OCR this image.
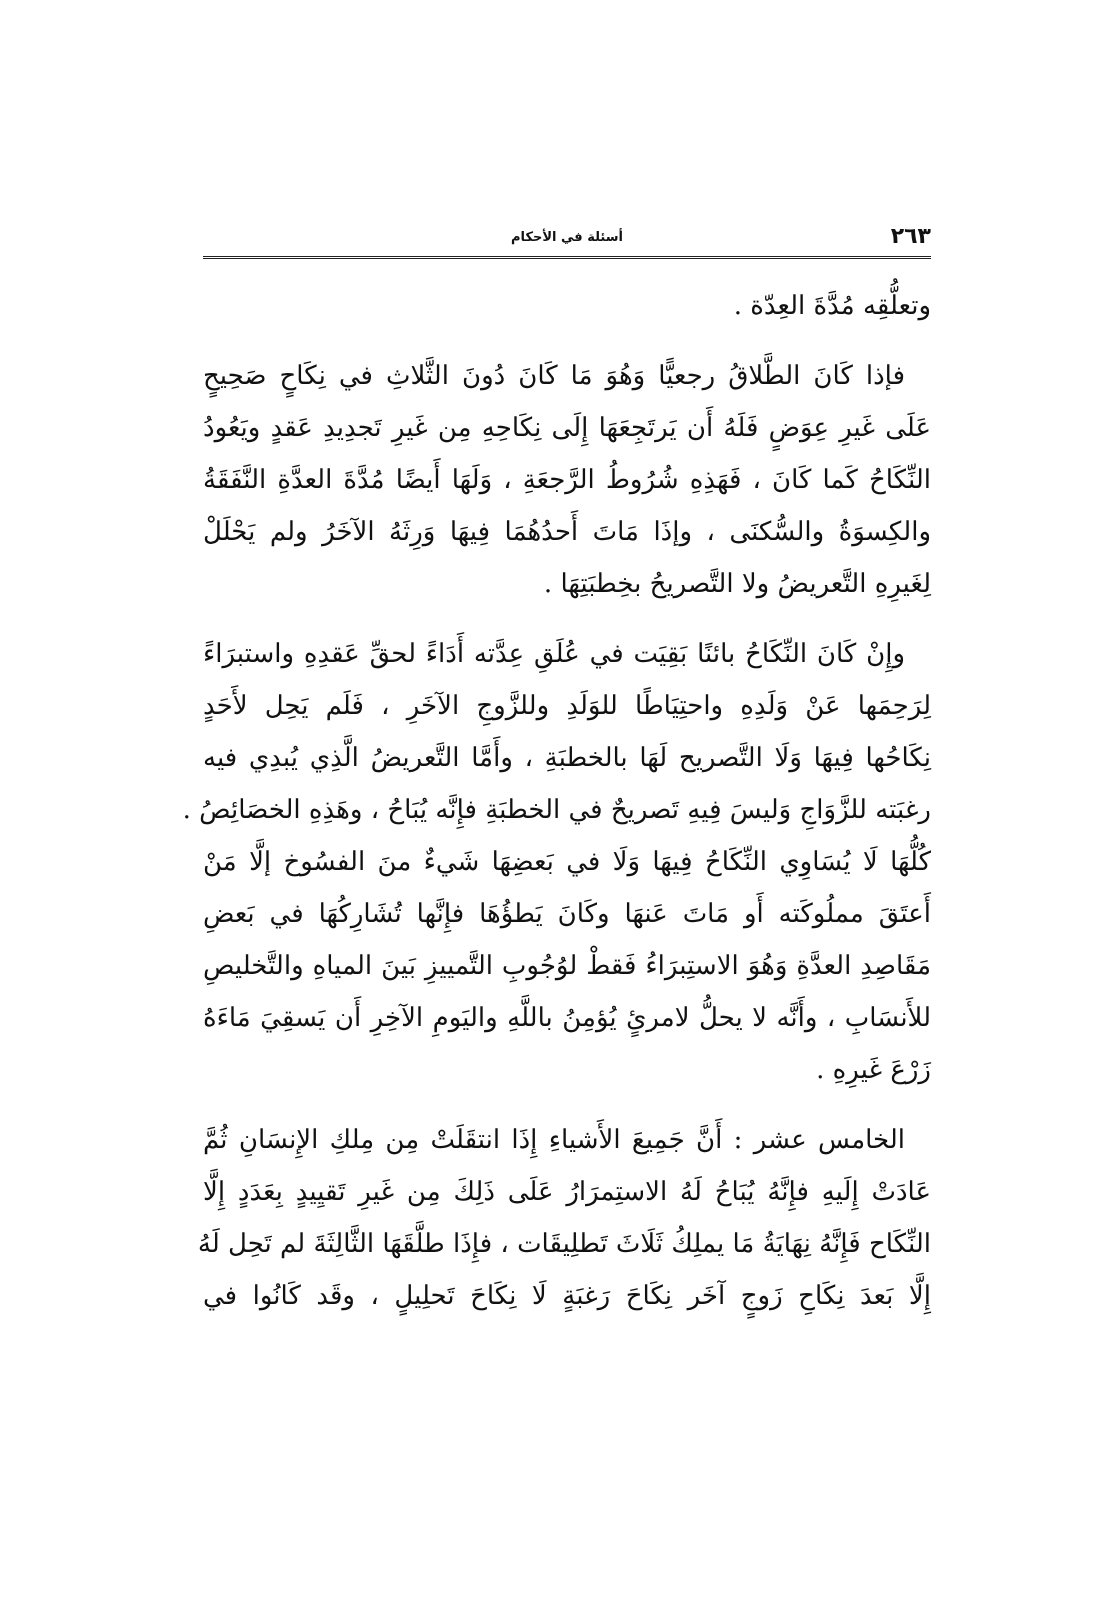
٢٦٣
أسئلة في الأحكام
وتعلُّقِه مُدَّةَ العِدّة .
فإذا كَانَ الطَّلاقُ رجعيًّا وَهُوَ مَا كَانَ دُونَ الثَّلاثِ في نِكَاحٍ صَحِيحٍ
عَلَى غَيرِ عِوَضٍ فَلَهُ أَن يَرتَجِعَهَا إِلَى نِكَاحِهِ مِن غَيرِ تَجدِيدِ عَقدٍ ويَعُودُ
النِّكَاحُ كَما كَانَ ، فَهَذِهِ شُرُوطُ الرَّجعَةِ ، وَلَهَا أَيضًا مُدَّةَ العدَّةِ النَّفَقَةُ
والكِسوَةُ والسُّكنَى ، وإذَا مَاتَ أَحدُهُمَا فِيهَا وَرِثَهُ الآخَرُ ولم يَحْلَلْ
لِغَيرِهِ التَّعريضُ ولا التَّصريحُ بخِطبَتِهَا .
وإِنْ كَانَ النِّكَاحُ بائنًا بَقِيَت في عُلَقِ عِدَّته أَدَاءً لحقِّ عَقدِهِ واستبرَاءً
لِرَحِمَها عَنْ وَلَدِهِ واحتِيَاطًا للوَلَدِ وللزَّوجِ الآخَرِ ، فَلَم يَحِل لأَحَدٍ
نِكَاحُها فِيهَا وَلَا التَّصريح لَهَا بالخطبَةِ ، وأَمَّا التَّعريضُ الَّذِي يُبدِي فيه
رغبَته للزَّوَاجِ وَليسَ فِيهِ تَصريحٌ في الخطبَةِ فإِنَّه يُبَاحُ ، وهَذِهِ الخصَائِصُ .
كُلُّهَا لَا يُسَاوِي النِّكَاحُ فِيهَا وَلَا في بَعضِهَا شَيءٌ منَ الفسُوخ إلَّا مَنْ
أَعتَقَ مملُوكَته أَو مَاتَ عَنهَا وكَانَ يَطؤُهَا فإِنَّها تُشَارِكُهَا في بَعضِ
مَقَاصِدِ العدَّةِ وَهُوَ الاستِبرَاءُ فَقطْ لوُجُوبِ التَّمييزِ بَينَ المياهِ والتَّخليصِ
للأَنسَابِ ، وأَنَّه لا يحلُّ لامرئٍ يُؤمِنُ باللَّهِ واليَومِ الآخِرِ أَن يَسقِيَ مَاءَهُ
زَرْعَ غَيرِهِ .
الخامس عشر : أَنَّ جَمِيعَ الأَشياءِ إِذَا انتقَلَتْ مِن مِلكِ الإِنسَانِ ثُمَّ
عَادَتْ إِلَيهِ فإِنَّهُ يُبَاحُ لَهُ الاستِمرَارُ عَلَى ذَلِكَ مِن غَيرِ تَقيِيدٍ بِعَدَدٍ إِلَّا
النِّكَاح فَإِنَّهُ نِهَايَةُ مَا يملِكُ ثَلَاثَ تَطلِيقَات ، فإِذَا طلَّقَهَا الثَّالِثَةَ لم تَحِل لَهُ
إِلَّا بَعدَ نِكَاحِ زَوجٍ آخَر نِكَاحَ رَغبَةٍ لَا نِكَاحَ تَحلِيلٍ ، وقَد كَانُوا في
